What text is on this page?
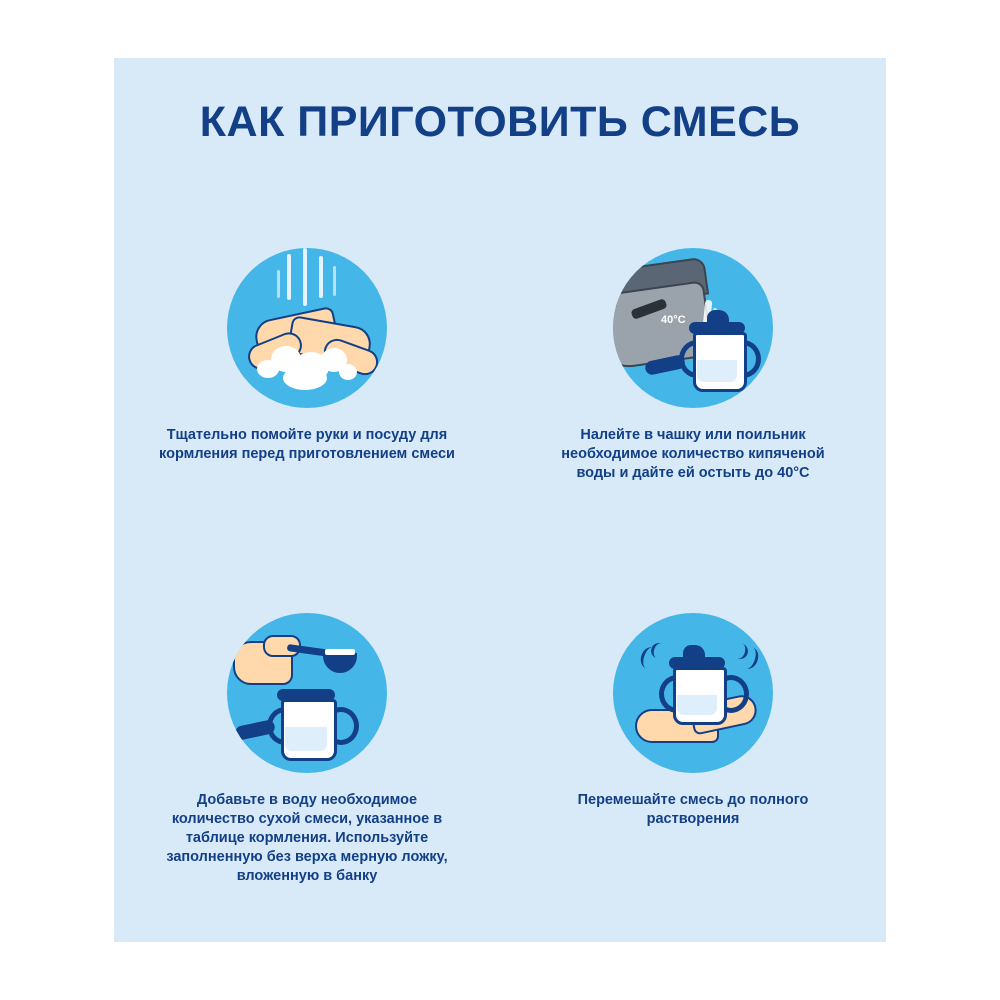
КАК ПРИГОТОВИТЬ СМЕСЬ
Тщательно помойте руки и посуду для кормления перед приготовлением смеси
40°C
Налейте в чашку или поильник необходимое количество кипяченой воды и дайте ей остыть до 40°С
Добавьте в воду необходимое количество сухой смеси, указанное в таблице кормления. Используйте заполненную без верха мерную ложку, вложенную в банку
Перемешайте смесь до полного растворения
